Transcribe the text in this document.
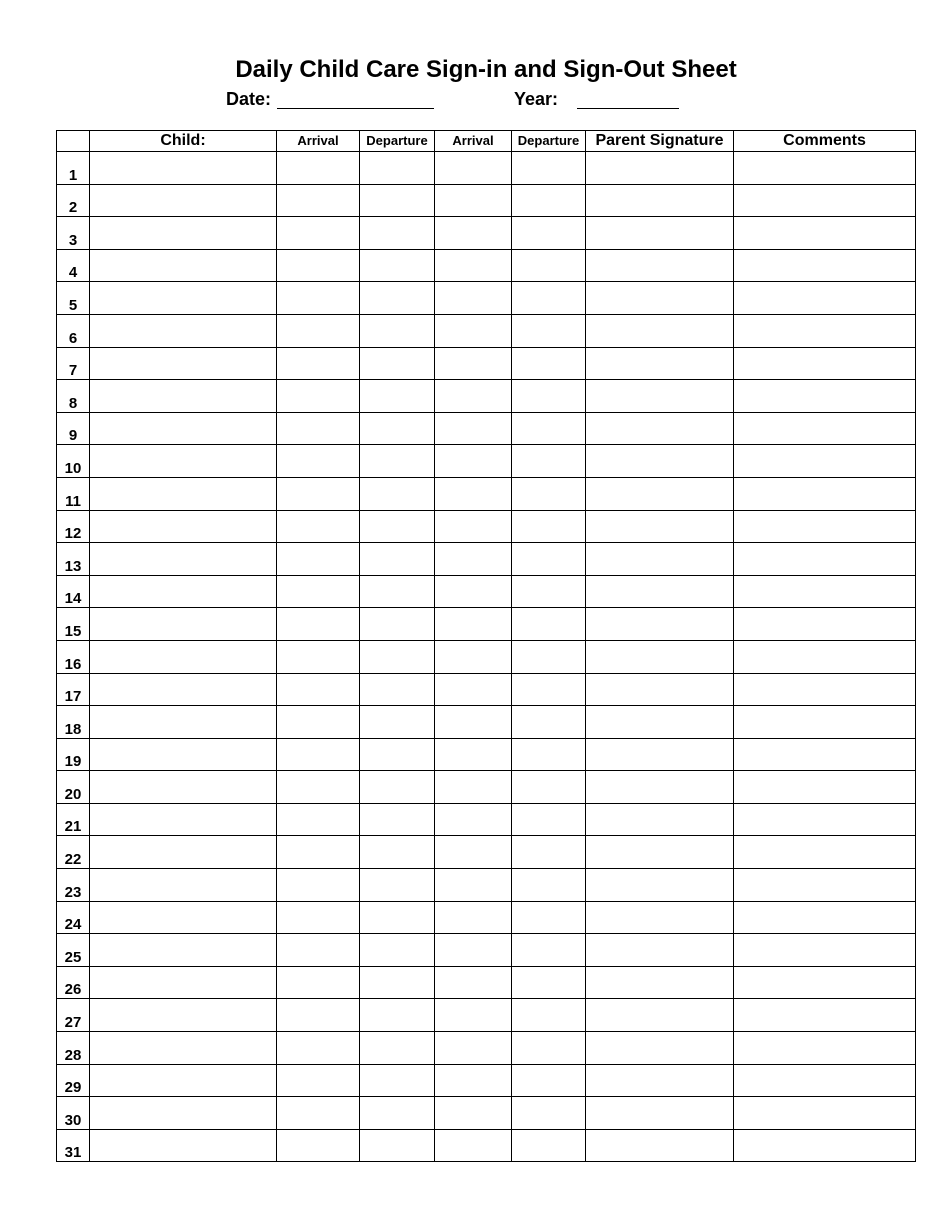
Daily Child Care Sign-in and Sign-Out Sheet
Date:	Year:
	Child:	Arrival	Departure	Arrival	Departure	Parent Signature	Comments
1							
2							
3							
4							
5							
6							
7							
8							
9							
10							
11							
12							
13							
14							
15							
16							
17							
18							
19							
20							
21							
22							
23							
24							
25							
26							
27							
28							
29							
30							
31							
